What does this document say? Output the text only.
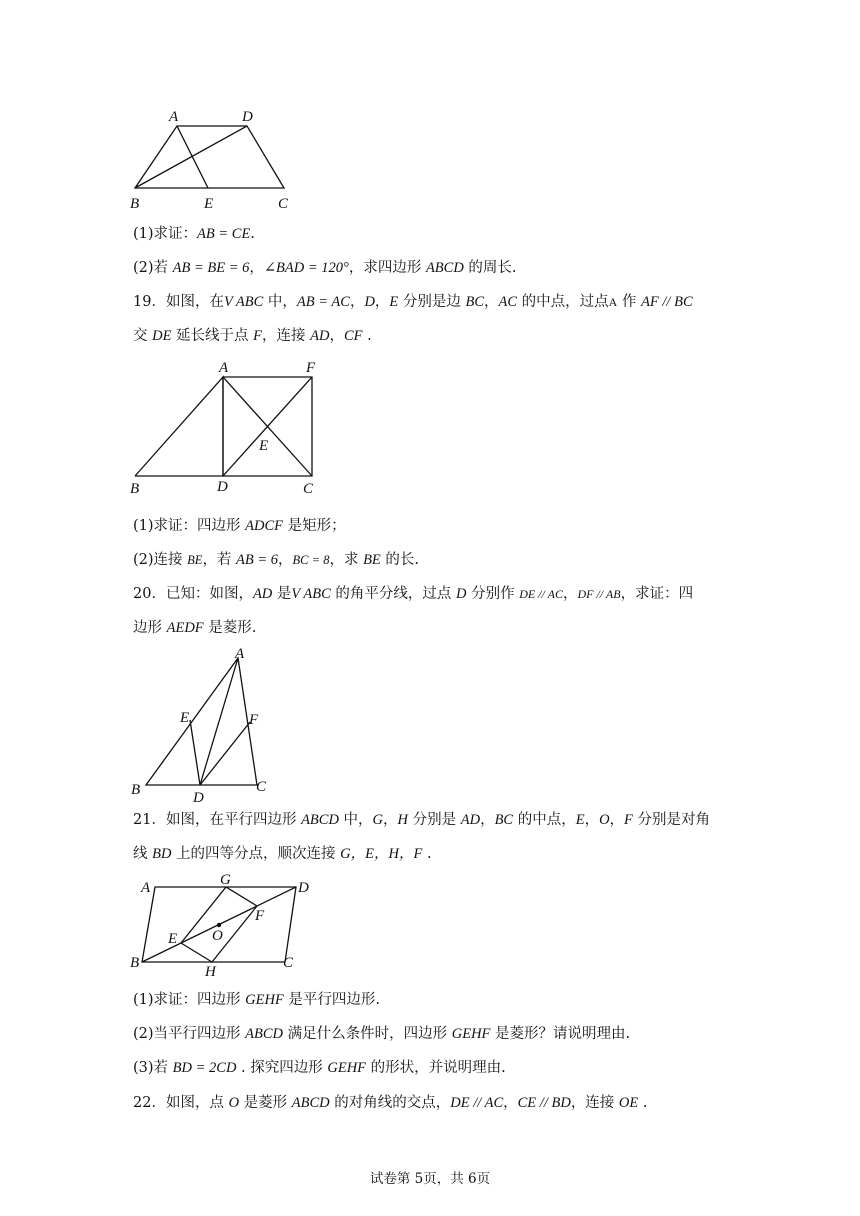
A	D
B	E	C
(1)求证：AB = CE.
(2)若 AB = BE = 6，∠BAD = 120°，求四边形 ABCD 的周长.
19．如图，在V ABC 中，AB = AC，D，E 分别是边 BC，AC 的中点，过点A 作 AF // BC
交 DE 延长线于点 F，连接 AD，CF .
A	F
E
B	D	C
(1)求证：四边形 ADCF 是矩形；
(2)连接 BE，若 AB = 6，BC = 8，求 BE 的长.
20．已知：如图，AD 是V ABC 的角平分线，过点 D 分别作 DE // AC，DF // AB，求证：四
边形 AEDF 是菱形.
A
E	F
B	D
C
21．如图，在平行四边形 ABCD 中，G，H 分别是 AD，BC 的中点，E，O，F 分别是对角
线 BD 上的四等分点，顺次连接 G，E，H，F .
A	G	D
F
O
E
B
H
C
(1)求证：四边形 GEHF 是平行四边形.
(2)当平行四边形 ABCD 满足什么条件时，四边形 GEHF 是菱形？请说明理由.
(3)若 BD = 2CD . 探究四边形 GEHF 的形状，并说明理由.
22．如图，点 O 是菱形 ABCD 的对角线的交点，DE // AC，CE // BD，连接 OE .
试卷第 5页，共 6页
